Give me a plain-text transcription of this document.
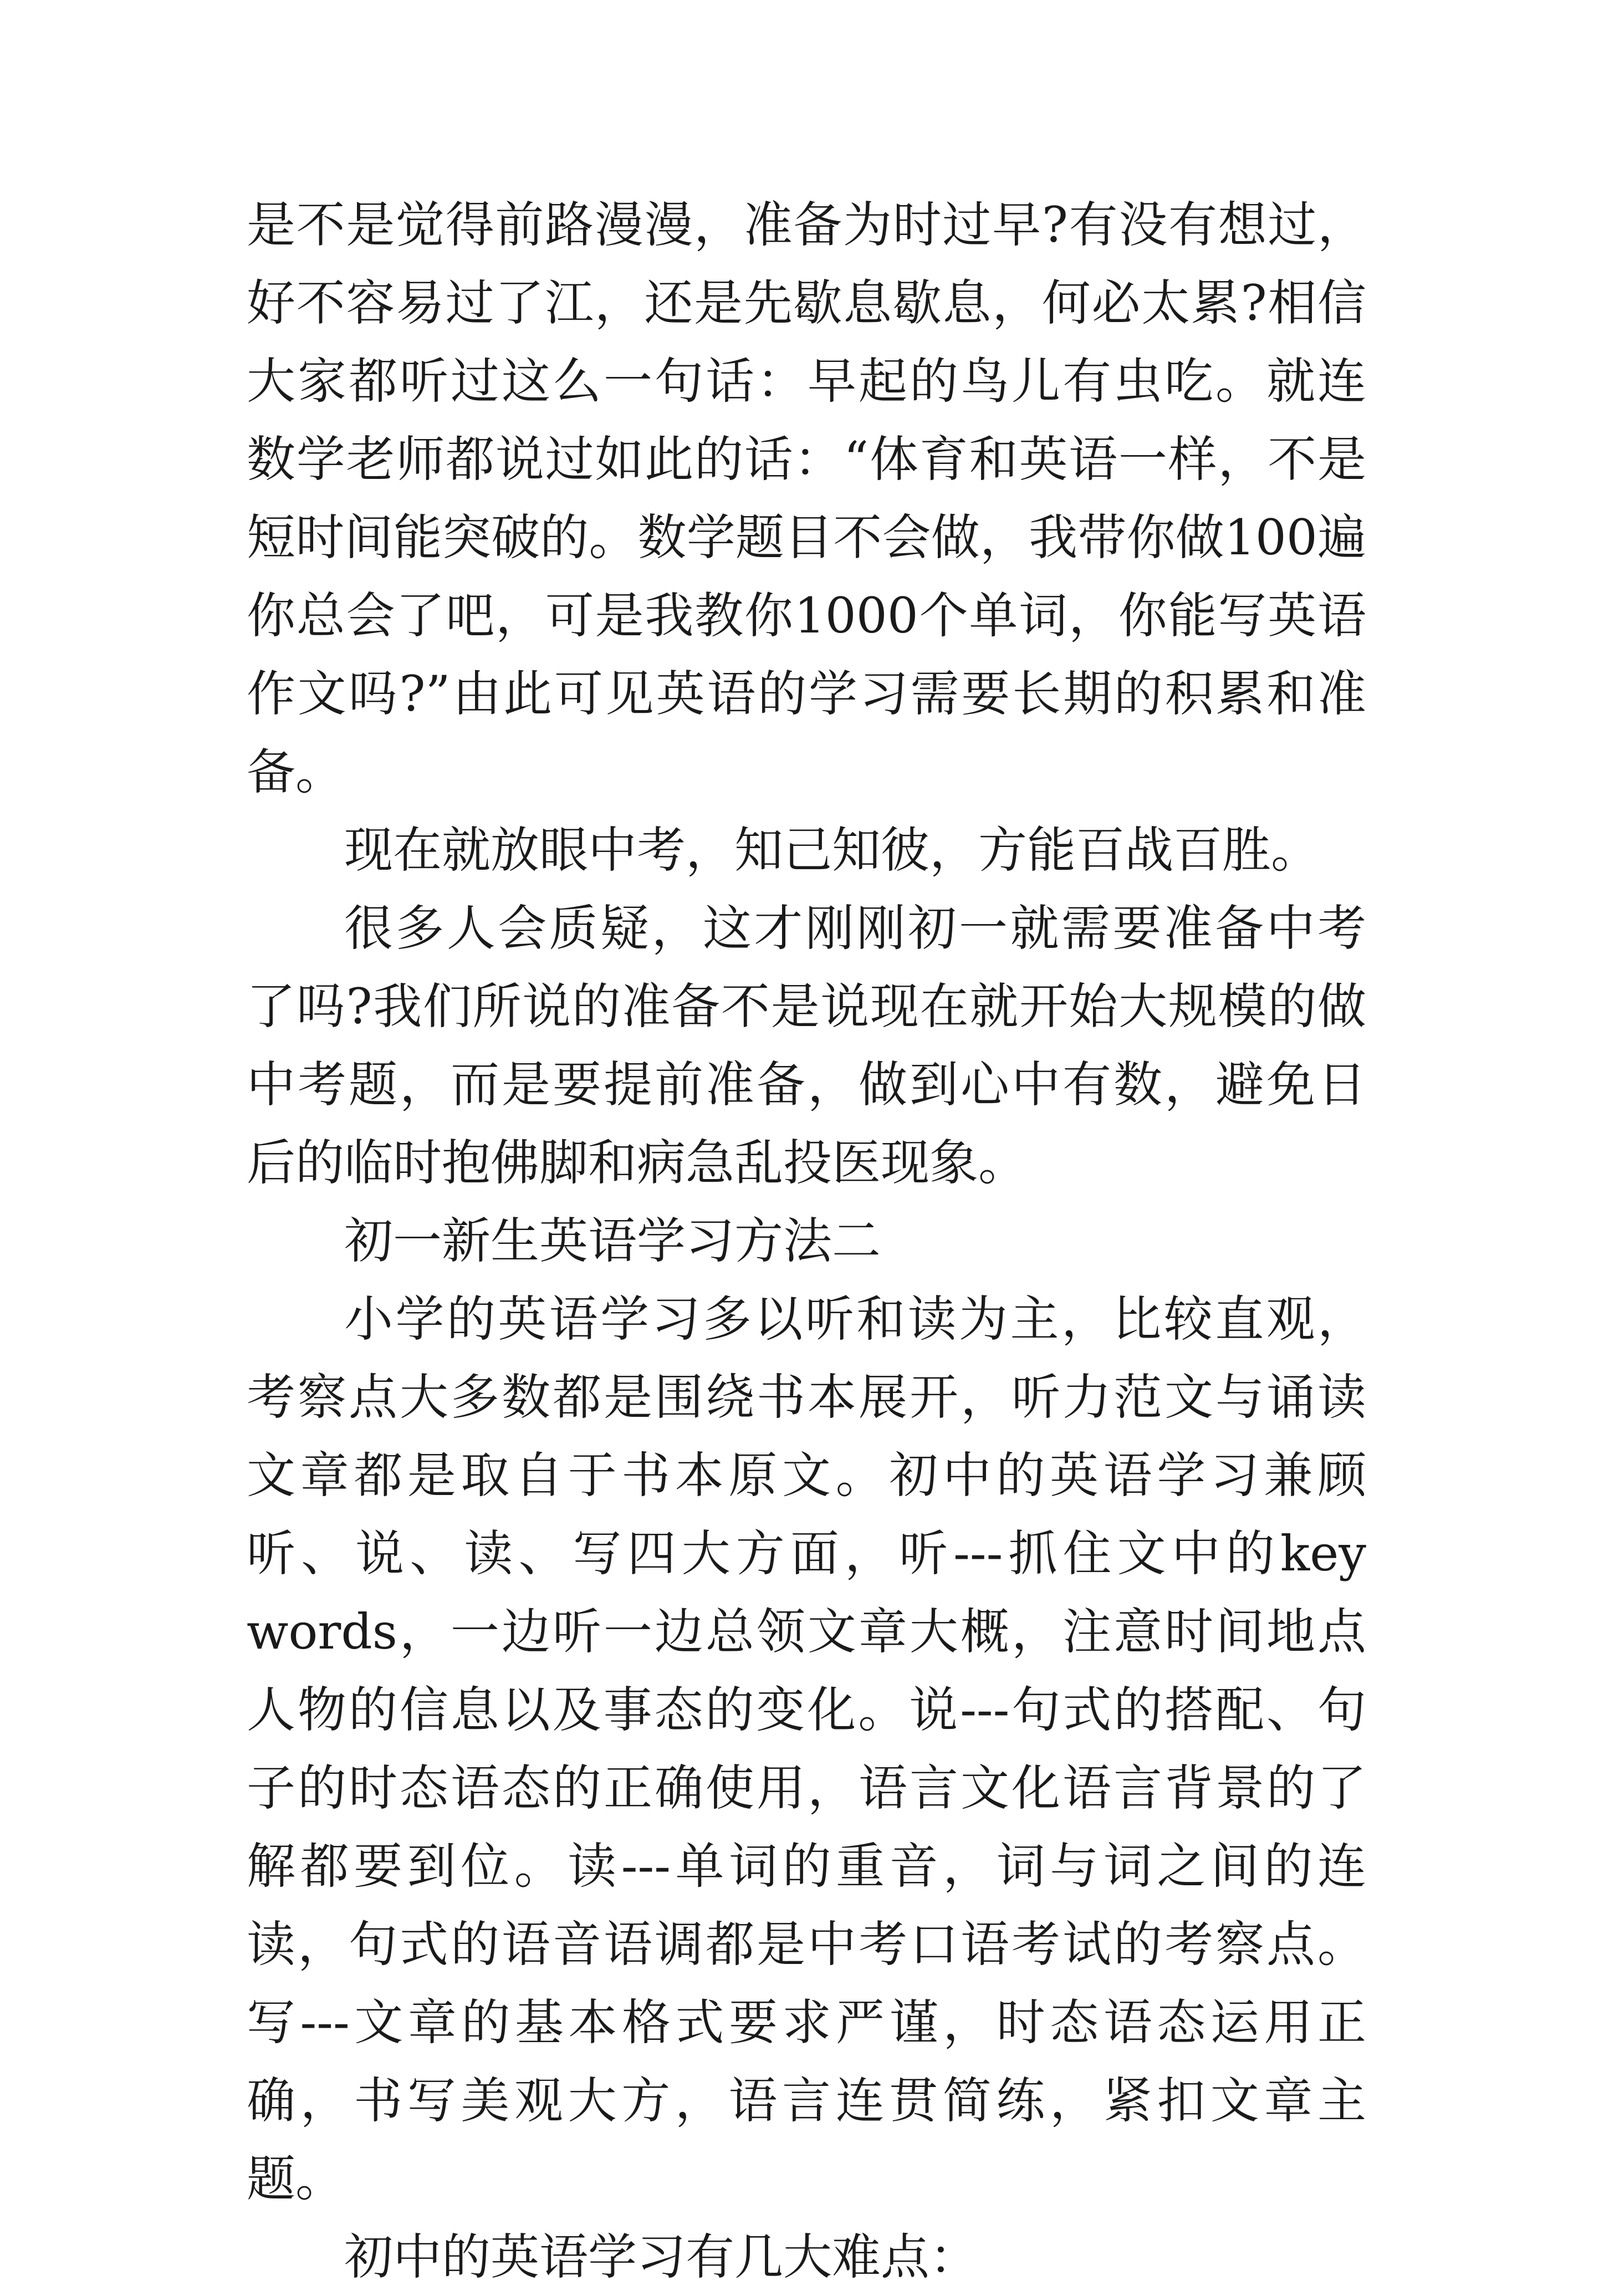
是不是觉得前路漫漫，准备为时过早?有没有想过，好不容易过了江，还是先歇息歇息，何必太累?相信大家都听过这么一句话：早起的鸟儿有虫吃。就连数学老师都说过如此的话：“体育和英语一样，不是短时间能突破的。数学题目不会做，我带你做100遍你总会了吧，可是我教你1000个单词，你能写英语作文吗?”由此可见英语的学习需要长期的积累和准备。

现在就放眼中考，知己知彼，方能百战百胜。

很多人会质疑，这才刚刚初一就需要准备中考了吗?我们所说的准备不是说现在就开始大规模的做中考题，而是要提前准备，做到心中有数，避免日后的临时抱佛脚和病急乱投医现象。

初一新生英语学习方法二

小学的英语学习多以听和读为主，比较直观，考察点大多数都是围绕书本展开，听力范文与诵读文章都是取自于书本原文。初中的英语学习兼顾听、说、读、写四大方面，听---抓住文中的key words，一边听一边总领文章大概，注意时间地点人物的信息以及事态的变化。说---句式的搭配、句子的时态语态的正确使用，语言文化语言背景的了解都要到位。读---单词的重音，词与词之间的连读，句式的语音语调都是中考口语考试的考察点。写---文章的基本格式要求严谨，时态语态运用正确，书写美观大方，语言连贯简练，紧扣文章主题。

初中的英语学习有几大难点：
